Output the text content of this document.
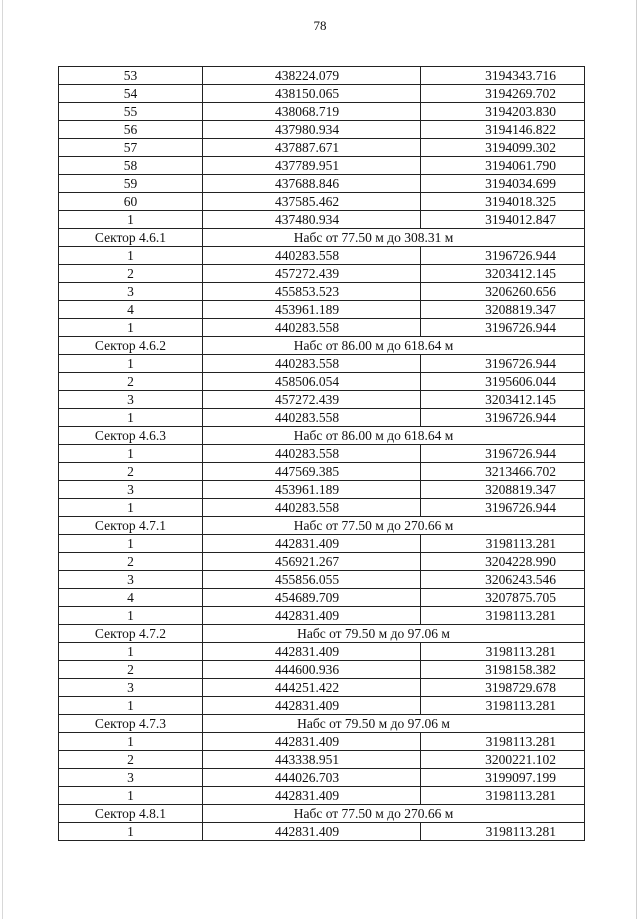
78
53	438224.079	3194343.716
54	438150.065	3194269.702
55	438068.719	3194203.830
56	437980.934	3194146.822
57	437887.671	3194099.302
58	437789.951	3194061.790
59	437688.846	3194034.699
60	437585.462	3194018.325
1	437480.934	3194012.847
Сектор 4.6.1	Набс от 77.50 м до 308.31 м	
1	440283.558	3196726.944
2	457272.439	3203412.145
3	455853.523	3206260.656
4	453961.189	3208819.347
1	440283.558	3196726.944
Сектор 4.6.2	Набс от 86.00 м до 618.64 м	
1	440283.558	3196726.944
2	458506.054	3195606.044
3	457272.439	3203412.145
1	440283.558	3196726.944
Сектор 4.6.3	Набс от 86.00 м до 618.64 м	
1	440283.558	3196726.944
2	447569.385	3213466.702
3	453961.189	3208819.347
1	440283.558	3196726.944
Сектор 4.7.1	Набс от 77.50 м до 270.66 м	
1	442831.409	3198113.281
2	456921.267	3204228.990
3	455856.055	3206243.546
4	454689.709	3207875.705
1	442831.409	3198113.281
Сектор 4.7.2	Набс от 79.50 м до 97.06 м	
1	442831.409	3198113.281
2	444600.936	3198158.382
3	444251.422	3198729.678
1	442831.409	3198113.281
Сектор 4.7.3	Набс от 79.50 м до 97.06 м	
1	442831.409	3198113.281
2	443338.951	3200221.102
3	444026.703	3199097.199
1	442831.409	3198113.281
Сектор 4.8.1	Набс от 77.50 м до 270.66 м	
1	442831.409	3198113.281
